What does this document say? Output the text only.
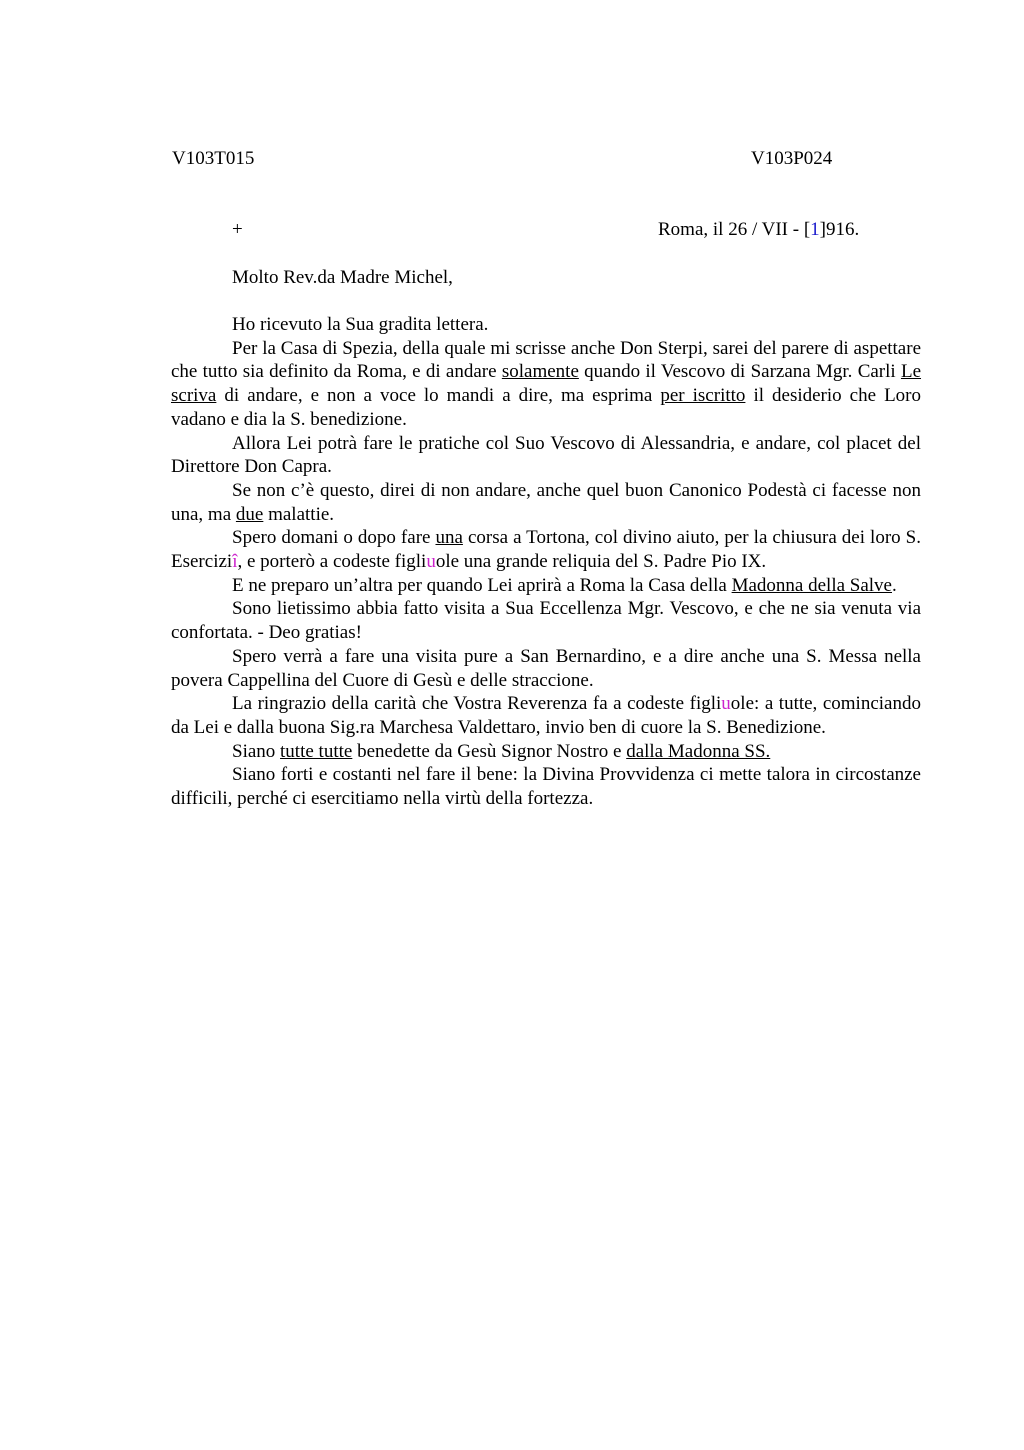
V103T015	V103P024
+	Roma, il 26 / VII - [1]916.
Molto Rev.da Madre Michel,

Ho ricevuto la Sua gradita lettera.

Per la Casa di Spezia, della quale mi scrisse anche Don Sterpi, sarei del parere di aspettare che tutto sia definito da Roma, e di andare solamente quando il Vescovo di Sarzana Mgr. Carli Le scriva di andare, e non a voce lo mandi a dire, ma esprima per iscritto il desiderio che Loro vadano e dia la S. benedizione.

Allora Lei potrà fare le pratiche col Suo Vescovo di Alessandria, e andare, col placet del Direttore Don Capra.

Se non c’è questo, direi di non andare, anche quel buon Canonico Podestà ci facesse non una, ma due malattie.

Spero domani o dopo fare una corsa a Tortona, col divino aiuto, per la chiusura dei loro S. Eserciziî, e porterò a codeste figliuole una grande reliquia del S. Padre Pio IX.

E ne preparo un’altra per quando Lei aprirà a Roma la Casa della Madonna della Salve.

Sono lietissimo abbia fatto visita a Sua Eccellenza Mgr. Vescovo, e che ne sia venuta via confortata. - Deo gratias!

Spero verrà a fare una visita pure a San Bernardino, e a dire anche una S. Messa nella povera Cappellina del Cuore di Gesù e delle straccione.

La ringrazio della carità che Vostra Reverenza fa a codeste figliuole: a tutte, cominciando da Lei e dalla buona Sig.ra Marchesa Valdettaro, invio ben di cuore la S. Benedizione.

Siano tutte tutte benedette da Gesù Signor Nostro e dalla Madonna SS.

Siano forti e costanti nel fare il bene: la Divina Provvidenza ci mette talora in circostanze difficili, perché ci esercitiamo nella virtù della fortezza.
